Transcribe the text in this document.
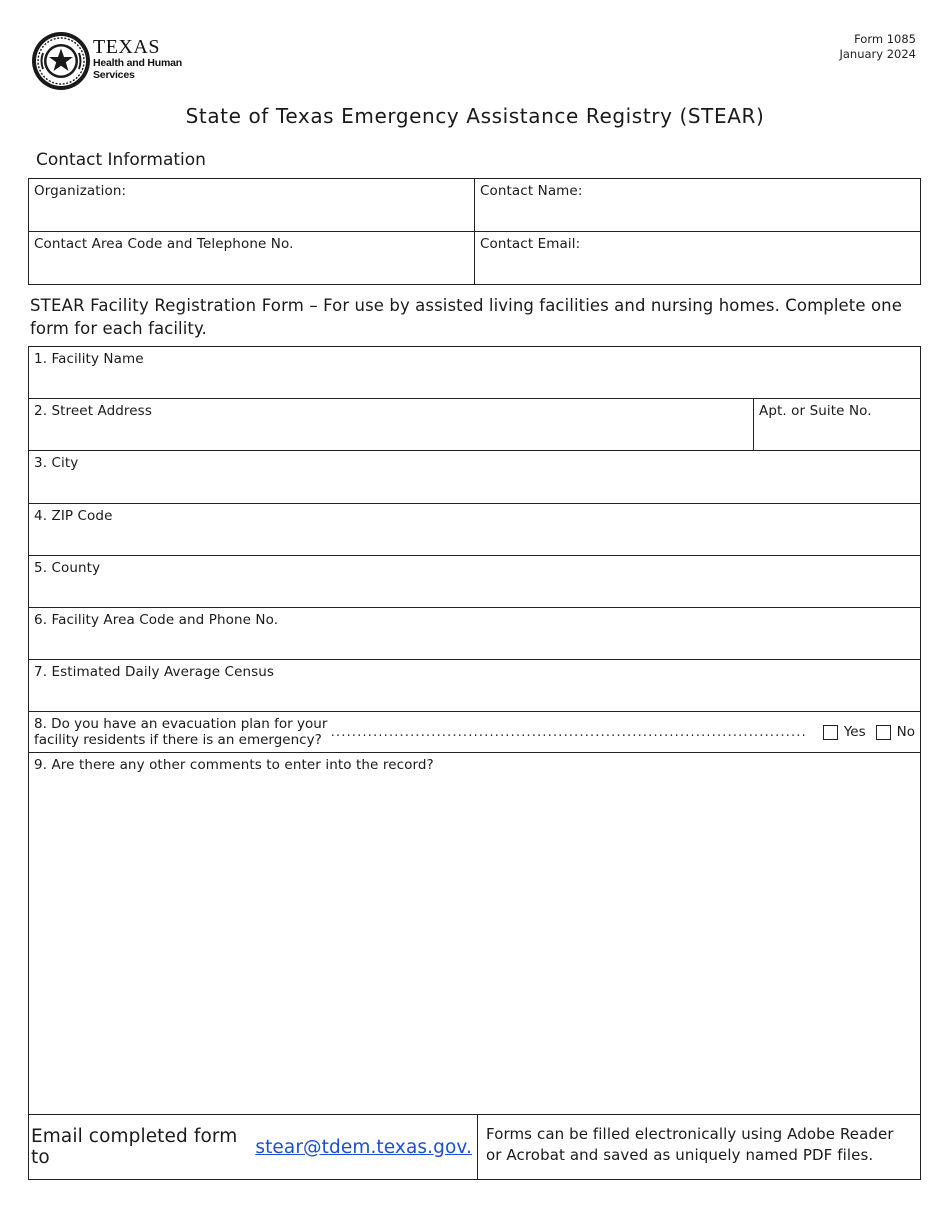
TEXAS
Health and Human
Services
Form 1085
January 2024
State of Texas Emergency Assistance Registry (STEAR)
Contact Information
Organization:	Contact Name:
Contact Area Code and Telephone No.	Contact Email:
STEAR Facility Registration Form – For use by assisted living facilities and nursing homes. Complete one form for each facility.
1. Facility Name
2. Street Address	Apt. or Suite No.
3. City
4. ZIP Code
5. County
6. Facility Area Code and Phone No.
7. Estimated Daily Average Census
8. Do you have an evacuation plan for your facility residents if there is an emergency? ..........................................................................................	Yes No
9. Are there any other comments to enter into the record?
Email completed form to	stear@tdem.texas.gov.
Forms can be filled electronically using Adobe Reader or Acrobat and saved as uniquely named PDF files.
